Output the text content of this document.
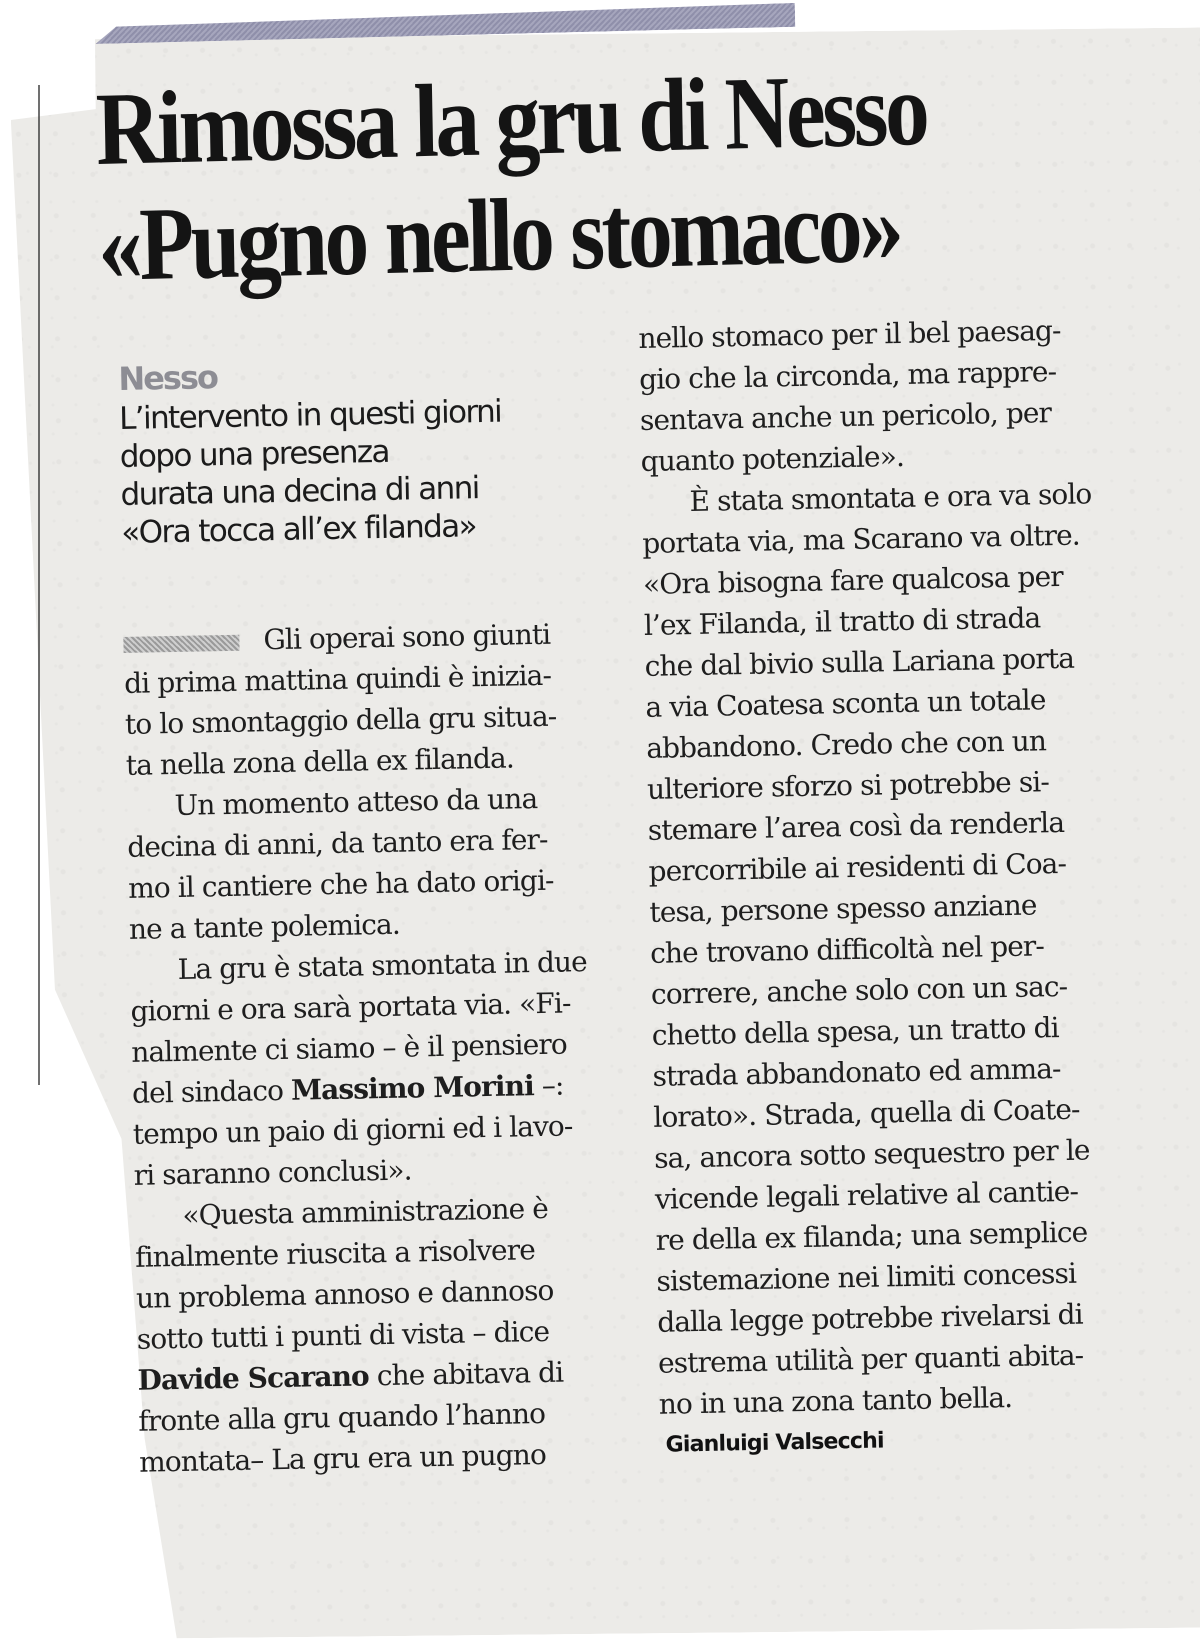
Rimossa la gru di Nesso
«Pugno nello stomaco»
Nesso
L’intervento in questi giorni
dopo una presenza
durata una decina di anni
«Ora tocca all’ex filanda»
Gli operai sono giunti
di prima mattina quindi è inizia-
to lo smontaggio della gru situa-
ta nella zona della ex filanda.
Un momento atteso da una
decina di anni, da tanto era fer-
mo il cantiere che ha dato origi-
ne a tante polemica.
La gru è stata smontata in due
giorni e ora sarà portata via. «Fi-
nalmente ci siamo – è il pensiero
del sindaco Massimo Morini –:
tempo un paio di giorni ed i lavo-
ri saranno conclusi».
«Questa amministrazione è
finalmente riuscita a risolvere
un problema annoso e dannoso
sotto tutti i punti di vista – dice
Davide Scarano che abitava di
fronte alla gru quando l’hanno
montata– La gru era un pugno
nello stomaco per il bel paesag-
gio che la circonda, ma rappre-
sentava anche un pericolo, per
quanto potenziale».
È stata smontata e ora va solo
portata via, ma Scarano va oltre.
«Ora bisogna fare qualcosa per
l’ex Filanda, il tratto di strada
che dal bivio sulla Lariana porta
a via Coatesa sconta un totale
abbandono. Credo che con un
ulteriore sforzo si potrebbe si-
stemare l’area così da renderla
percorribile ai residenti di Coa-
tesa, persone spesso anziane
che trovano difficoltà nel per-
correre, anche solo con un sac-
chetto della spesa, un tratto di
strada abbandonato ed amma-
lorato». Strada, quella di Coate-
sa, ancora sotto sequestro per le
vicende legali relative al cantie-
re della ex filanda; una semplice
sistemazione nei limiti concessi
dalla legge potrebbe rivelarsi di
estrema utilità per quanti abita-
no in una zona tanto bella.
Gianluigi Valsecchi
